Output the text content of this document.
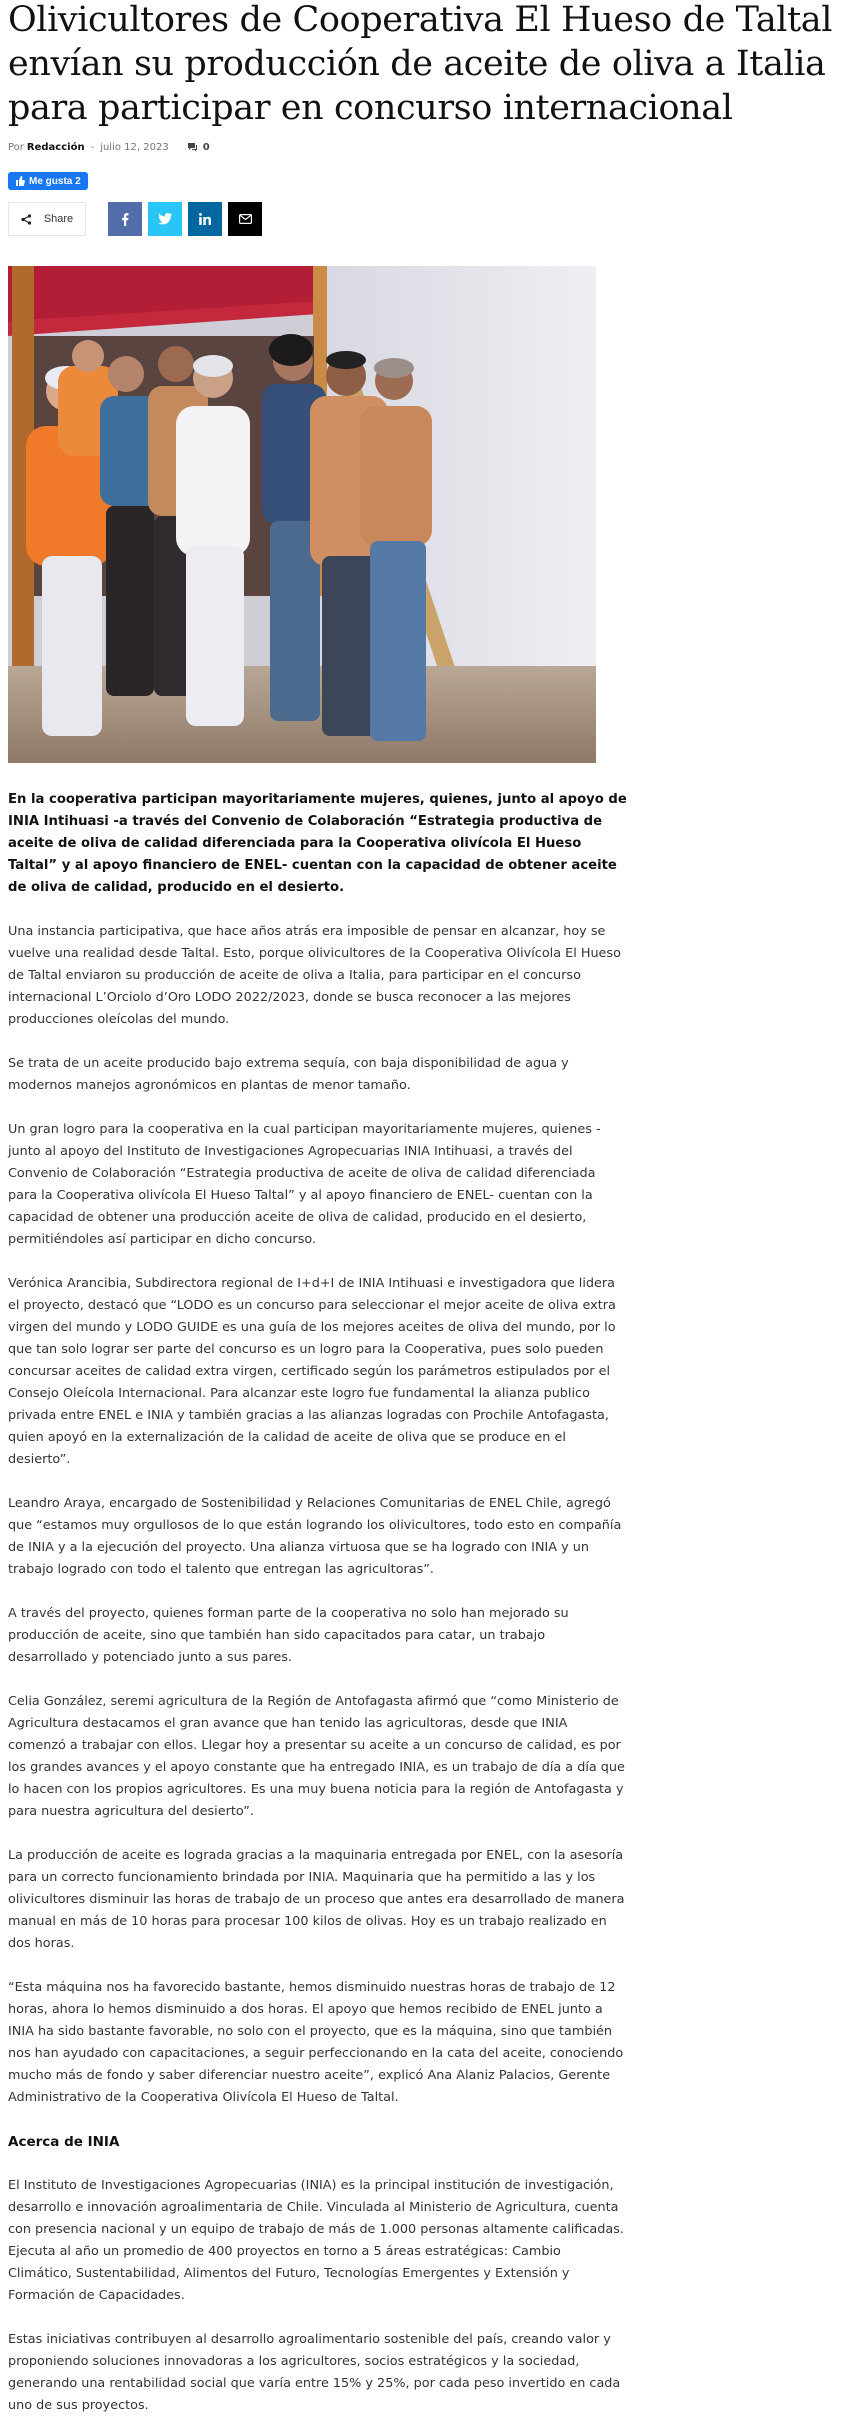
Olivicultores de Cooperativa El Hueso de Taltal envían su producción de aceite de oliva a Italia para participar en concurso internacional
Por Redacción - julio 12, 2023	0
Me gusta 2
Share

En la cooperativa participan mayoritariamente mujeres, quienes, junto al apoyo de INIA Intihuasi -a través del Convenio de Colaboración “Estrategia productiva de aceite de oliva de calidad diferenciada para la Cooperativa olivícola El Hueso Taltal” y al apoyo financiero de ENEL- cuentan con la capacidad de obtener aceite de oliva de calidad, producido en el desierto.

Una instancia participativa, que hace años atrás era imposible de pensar en alcanzar, hoy se vuelve una realidad desde Taltal. Esto, porque olivicultores de la Cooperativa Olivícola El Hueso de Taltal enviaron su producción de aceite de oliva a Italia, para participar en el concurso internacional L’Orciolo d’Oro LODO 2022/2023, donde se busca reconocer a las mejores producciones oleícolas del mundo.

Se trata de un aceite producido bajo extrema sequía, con baja disponibilidad de agua y modernos manejos agronómicos en plantas de menor tamaño.

Un gran logro para la cooperativa en la cual participan mayoritariamente mujeres, quienes -junto al apoyo del Instituto de Investigaciones Agropecuarias INIA Intihuasi, a través del Convenio de Colaboración “Estrategia productiva de aceite de oliva de calidad diferenciada para la Cooperativa olivícola El Hueso Taltal” y al apoyo financiero de ENEL- cuentan con la capacidad de obtener una producción aceite de oliva de calidad, producido en el desierto, permitiéndoles así participar en dicho concurso.

Verónica Arancibia, Subdirectora regional de I+d+I de INIA Intihuasi e investigadora que lidera el proyecto, destacó que “LODO es un concurso para seleccionar el mejor aceite de oliva extra virgen del mundo y LODO GUIDE es una guía de los mejores aceites de oliva del mundo, por lo que tan solo lograr ser parte del concurso es un logro para la Cooperativa, pues solo pueden concursar aceites de calidad extra virgen, certificado según los parámetros estipulados por el Consejo Oleícola Internacional. Para alcanzar este logro fue fundamental la alianza publico privada entre ENEL e INIA y también gracias a las alianzas logradas con Prochile Antofagasta, quien apoyó en la externalización de la calidad de aceite de oliva que se produce en el desierto”.

Leandro Araya, encargado de Sostenibilidad y Relaciones Comunitarias de ENEL Chile, agregó que “estamos muy orgullosos de lo que están logrando los olivicultores, todo esto en compañía de INIA y a la ejecución del proyecto. Una alianza virtuosa que se ha logrado con INIA y un trabajo logrado con todo el talento que entregan las agricultoras”.

A través del proyecto, quienes forman parte de la cooperativa no solo han mejorado su producción de aceite, sino que también han sido capacitados para catar, un trabajo desarrollado y potenciado junto a sus pares.

Celia González, seremi agricultura de la Región de Antofagasta afirmó que “como Ministerio de Agricultura destacamos el gran avance que han tenido las agricultoras, desde que INIA comenzó a trabajar con ellos. Llegar hoy a presentar su aceite a un concurso de calidad, es por los grandes avances y el apoyo constante que ha entregado INIA, es un trabajo de día a día que lo hacen con los propios agricultores. Es una muy buena noticia para la región de Antofagasta y para nuestra agricultura del desierto”.

La producción de aceite es lograda gracias a la maquinaria entregada por ENEL, con la asesoría para un correcto funcionamiento brindada por INIA. Maquinaria que ha permitido a las y los olivicultores disminuir las horas de trabajo de un proceso que antes era desarrollado de manera manual en más de 10 horas para procesar 100 kilos de olivas. Hoy es un trabajo realizado en dos horas.

“Esta máquina nos ha favorecido bastante, hemos disminuido nuestras horas de trabajo de 12 horas, ahora lo hemos disminuido a dos horas. El apoyo que hemos recibido de ENEL junto a INIA ha sido bastante favorable, no solo con el proyecto, que es la máquina, sino que también nos han ayudado con capacitaciones, a seguir perfeccionando en la cata del aceite, conociendo mucho más de fondo y saber diferenciar nuestro aceite”, explicó Ana Alaniz Palacios, Gerente Administrativo de la Cooperativa Olivícola El Hueso de Taltal.

Acerca de INIA

El Instituto de Investigaciones Agropecuarias (INIA) es la principal institución de investigación, desarrollo e innovación agroalimentaria de Chile. Vinculada al Ministerio de Agricultura, cuenta con presencia nacional y un equipo de trabajo de más de 1.000 personas altamente calificadas. Ejecuta al año un promedio de 400 proyectos en torno a 5 áreas estratégicas: Cambio Climático, Sustentabilidad, Alimentos del Futuro, Tecnologías Emergentes y Extensión y Formación de Capacidades.

Estas iniciativas contribuyen al desarrollo agroalimentario sostenible del país, creando valor y proponiendo soluciones innovadoras a los agricultores, socios estratégicos y la sociedad, generando una rentabilidad social que varía entre 15% y 25%, por cada peso invertido en cada uno de sus proyectos.
